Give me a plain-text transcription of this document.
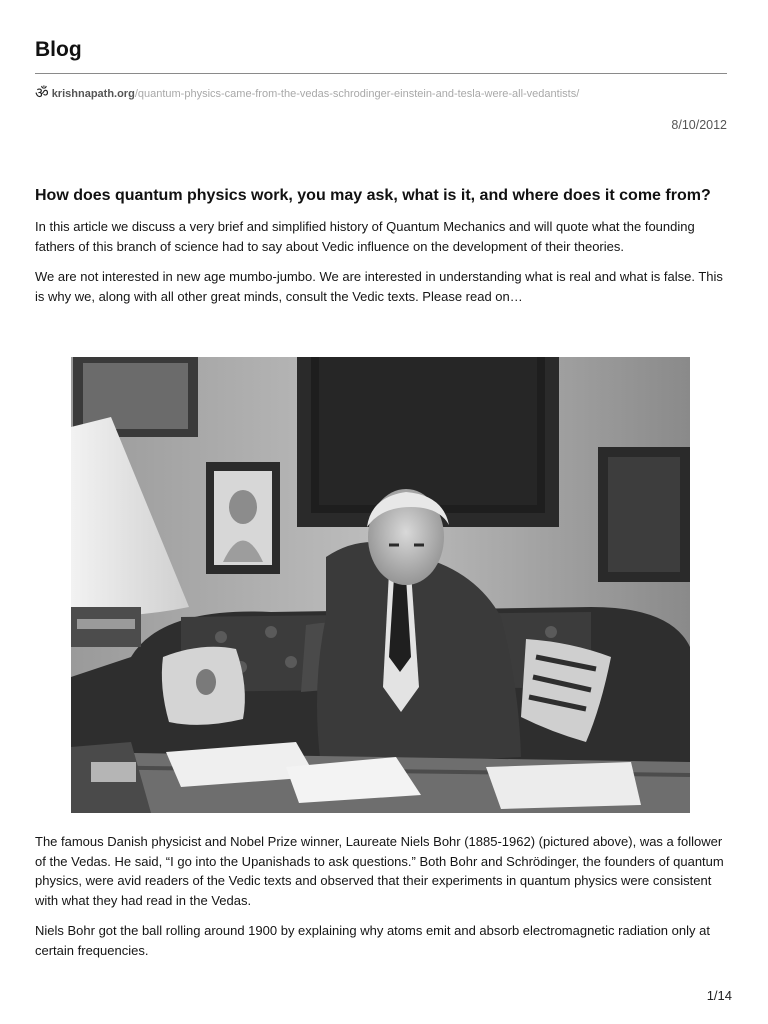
Blog
ॐ krishnapath.org/quantum-physics-came-from-the-vedas-schrodinger-einstein-and-tesla-were-all-vedantists/
8/10/2012
How does quantum physics work, you may ask, what is it, and where does it come from?

In this article we discuss a very brief and simplified history of Quantum Mechanics and will quote what the founding fathers of this branch of science had to say about Vedic influence on the development of their theories.

We are not interested in new age mumbo-jumbo. We are interested in understanding what is real and what is false. This is why we, along with all other great minds, consult the Vedic texts. Please read on…

The famous Danish physicist and Nobel Prize winner, Laureate Niels Bohr (1885-1962) (pictured above), was a follower of the Vedas. He said, “I go into the Upanishads to ask questions.” Both Bohr and Schrödinger, the founders of quantum physics, were avid readers of the Vedic texts and observed that their experiments in quantum physics were consistent with what they had read in the Vedas.

Niels Bohr got the ball rolling around 1900 by explaining why atoms emit and absorb electromagnetic radiation only at certain frequencies.

1/14
